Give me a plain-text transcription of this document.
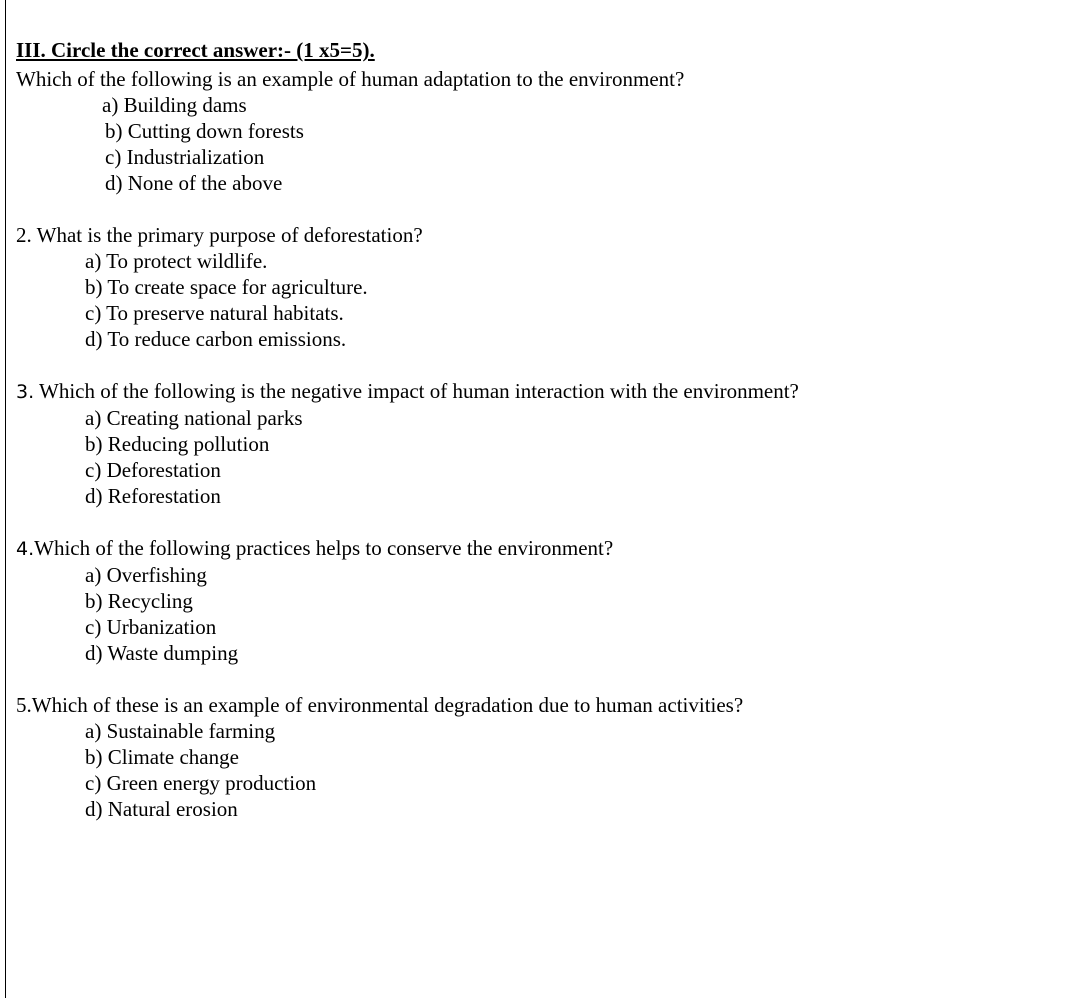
III. Circle the correct answer:- (1 x5=5).
Which of the following is an example of human adaptation to the environment?
a) Building dams
b) Cutting down forests
c) Industrialization
d) None of the above
2. What is the primary purpose of deforestation?
a) To protect wildlife.
b) To create space for agriculture.
c) To preserve natural habitats.
d) To reduce carbon emissions.
3. Which of the following is the negative impact of human interaction with the environment?
a) Creating national parks
b) Reducing pollution
c) Deforestation
d) Reforestation
4.Which of the following practices helps to conserve the environment?
a) Overfishing
b) Recycling
c) Urbanization
d) Waste dumping
5.Which of these is an example of environmental degradation due to human activities?
a) Sustainable farming
b) Climate change
c) Green energy production
d) Natural erosion
